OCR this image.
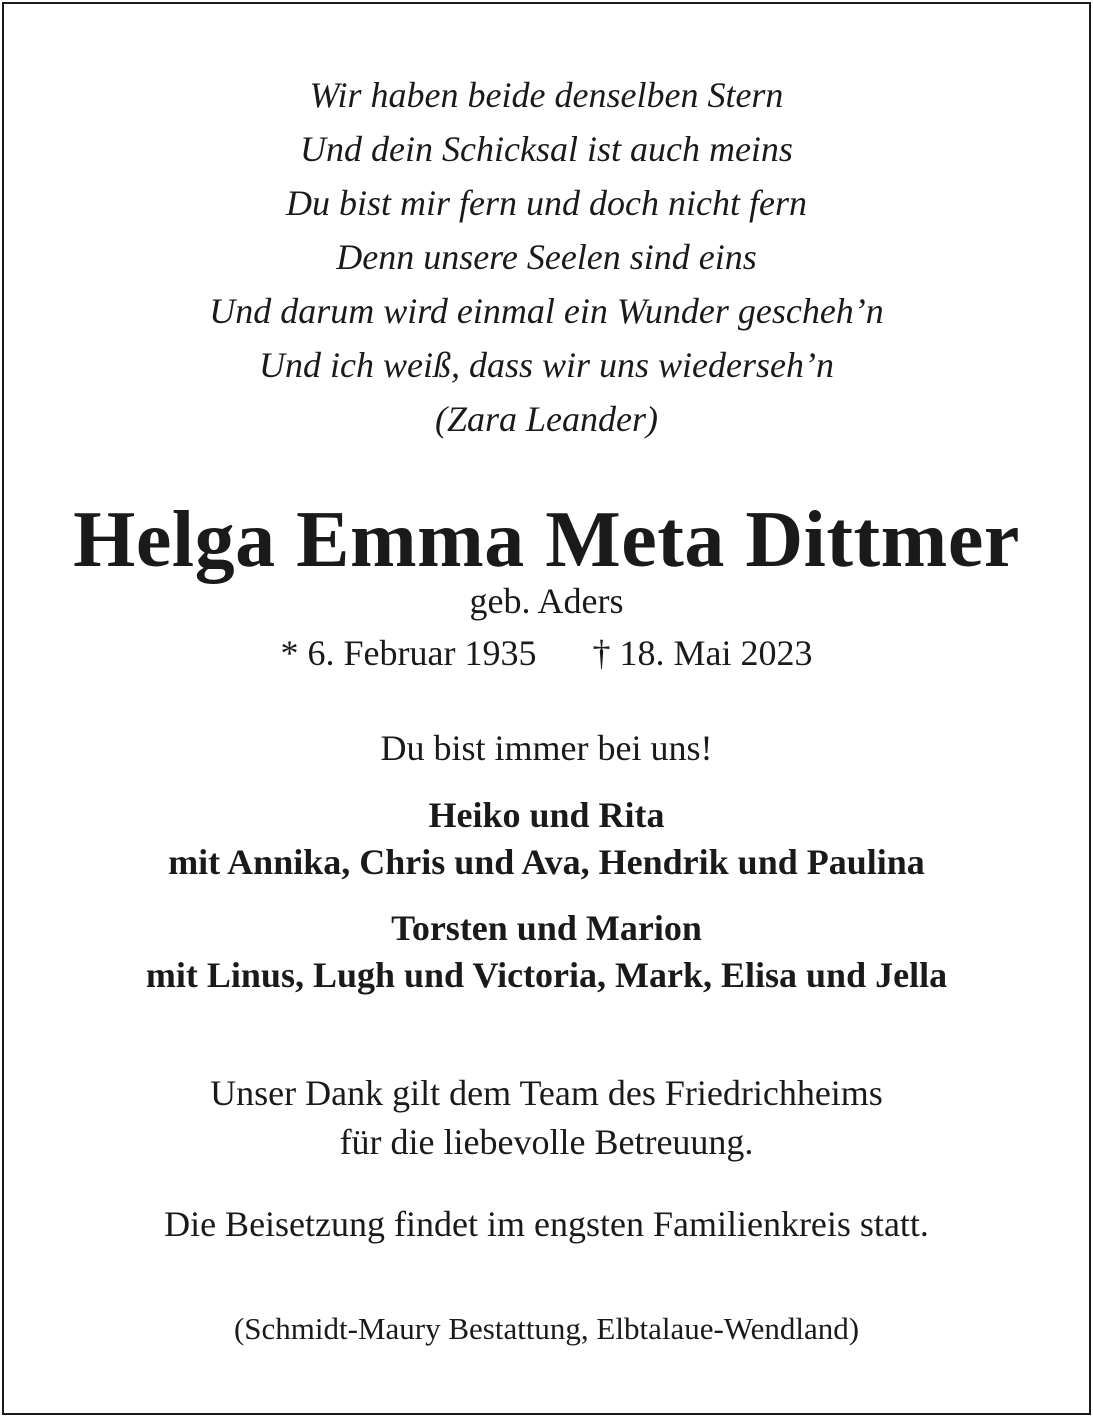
Wir haben beide denselben Stern
Und dein Schicksal ist auch meins
Du bist mir fern und doch nicht fern
Denn unsere Seelen sind eins
Und darum wird einmal ein Wunder gescheh’n
Und ich weiß, dass wir uns wiederseh’n
(Zara Leander)
Helga Emma Meta Dittmer
geb. Aders
* 6. Februar 1935 † 18. Mai 2023
Du bist immer bei uns!
Heiko und Rita
mit Annika, Chris und Ava, Hendrik und Paulina
Torsten und Marion
mit Linus, Lugh und Victoria, Mark, Elisa und Jella
Unser Dank gilt dem Team des Friedrichheims
für die liebevolle Betreuung.
Die Beisetzung findet im engsten Familienkreis statt.
(Schmidt-Maury Bestattung, Elbtalaue-Wendland)
